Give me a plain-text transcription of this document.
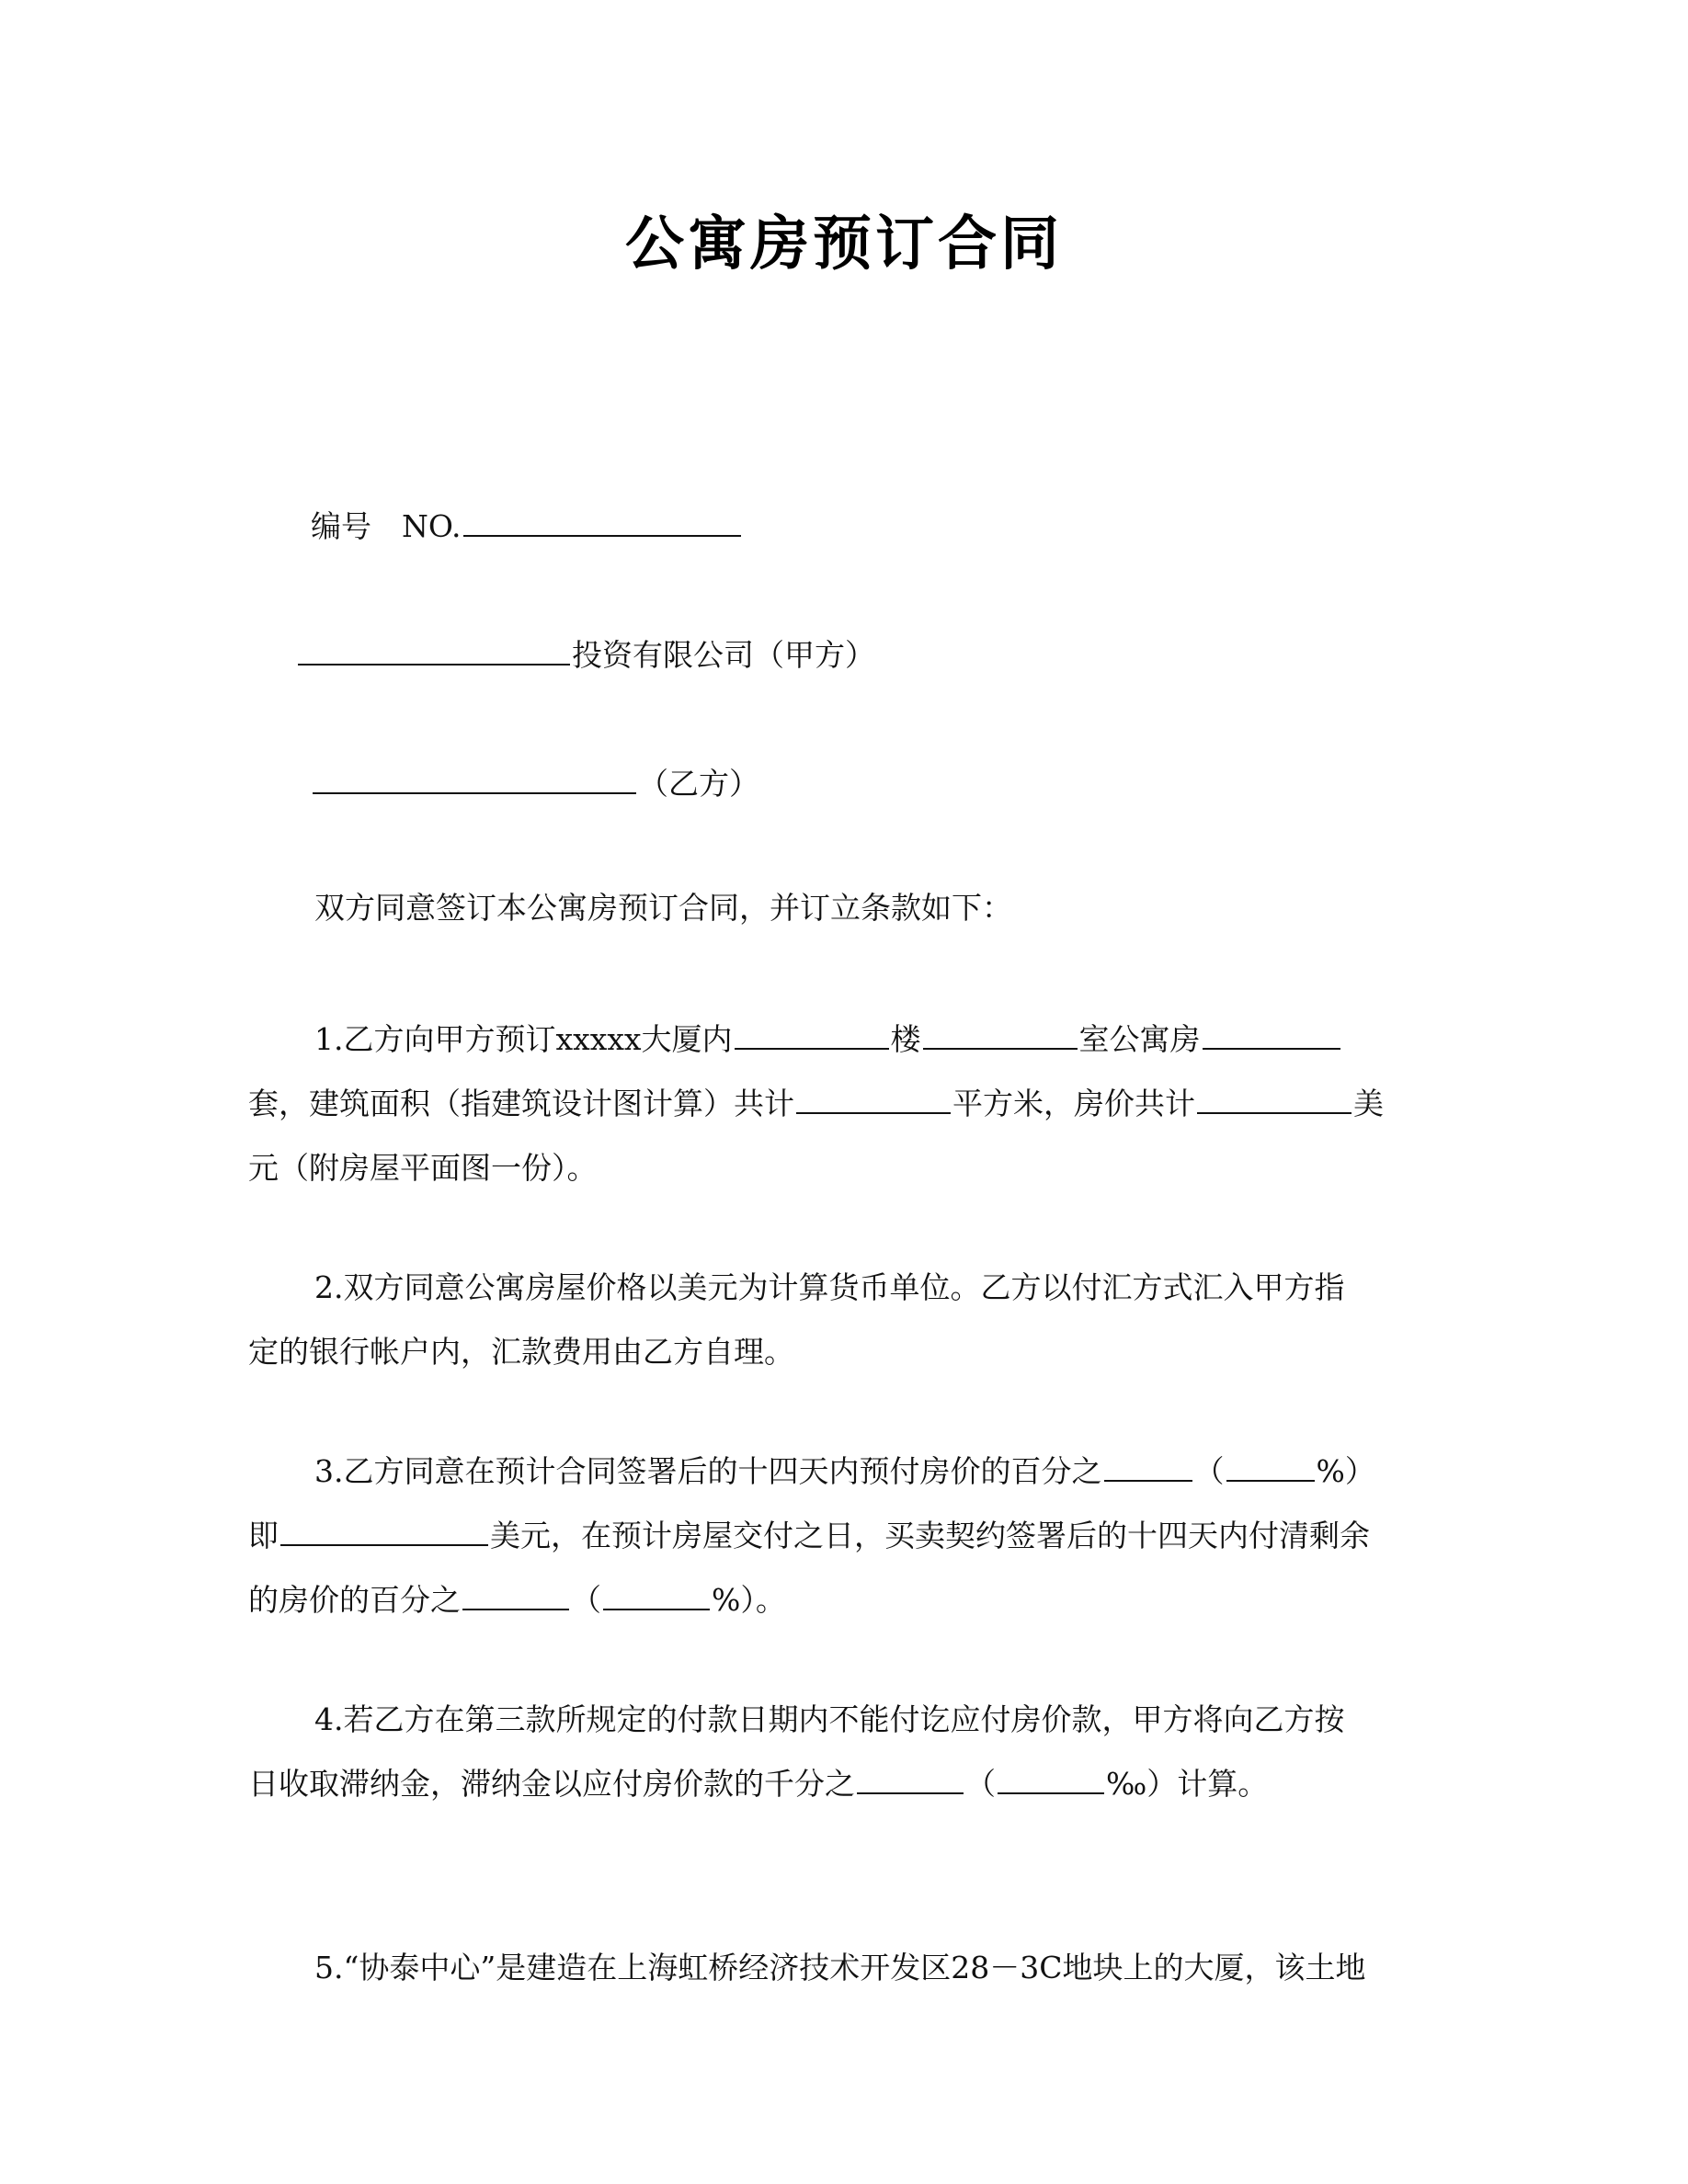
公寓房预订合同
编号　NO.
投资有限公司（甲方）
（乙方）
双方同意签订本公寓房预订合同，并订立条款如下：
1.乙方向甲方预订xxxxx大厦内	楼	室公寓房
套，建筑面积（指建筑设计图计算）共计	平方米，房价共计	美
元（附房屋平面图一份）。
2.双方同意公寓房屋价格以美元为计算货币单位。乙方以付汇方式汇入甲方指
定的银行帐户内，汇款费用由乙方自理。
3.乙方同意在预计合同签署后的十四天内预付房价的百分之	（	%）
即	美元，在预计房屋交付之日，买卖契约签署后的十四天内付清剩余
的房价的百分之	（	%）。
4.若乙方在第三款所规定的付款日期内不能付讫应付房价款，甲方将向乙方按
日收取滞纳金，滞纳金以应付房价款的千分之	（	‰）计算。
5.“协泰中心”是建造在上海虹桥经济技术开发区28－3C地块上的大厦，该土地
